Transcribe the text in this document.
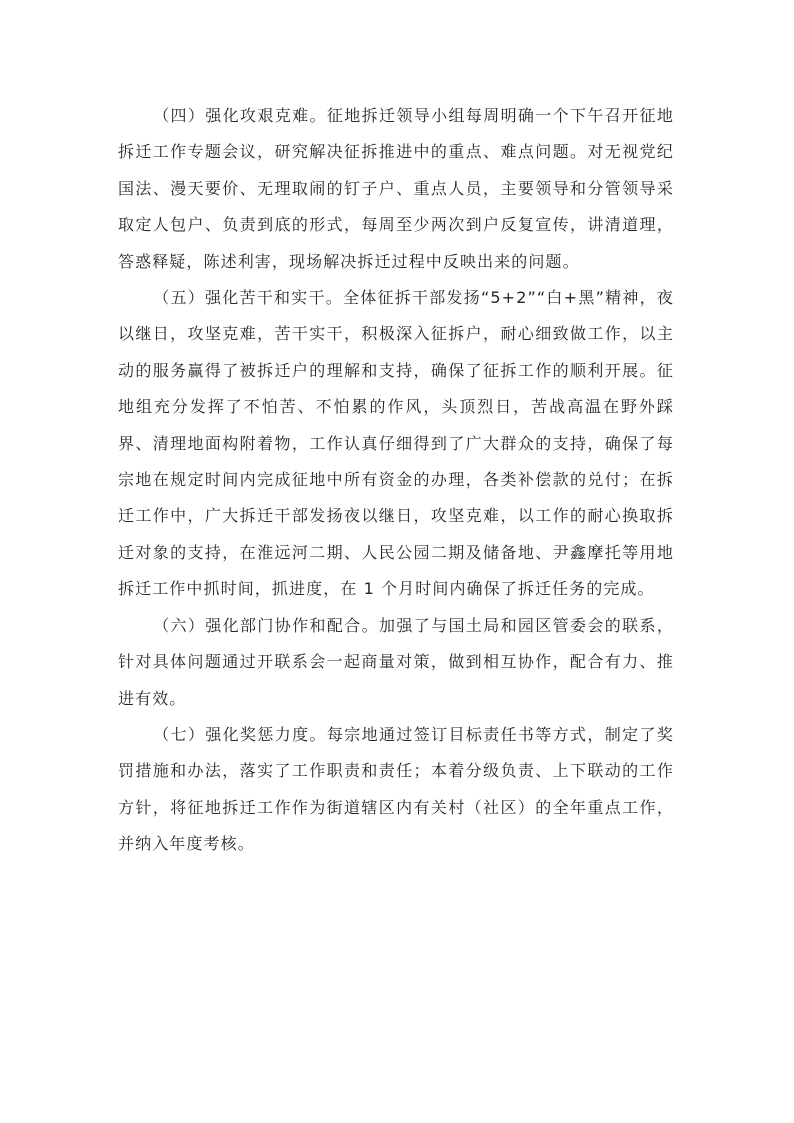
（四）强化攻艰克难。征地拆迁领导小组每周明确一个下午召开征地拆迁工作专题会议，研究解决征拆推进中的重点、难点问题。对无视党纪国法、漫天要价、无理取闹的钉子户、重点人员，主要领导和分管领导采取定人包户、负责到底的形式，每周至少两次到户反复宣传，讲清道理，答惑释疑，陈述利害，现场解决拆迁过程中反映出来的问题。

（五）强化苦干和实干。全体征拆干部发扬“5+2”“白+黑”精神，夜以继日，攻坚克难，苦干实干，积极深入征拆户，耐心细致做工作，以主动的服务赢得了被拆迁户的理解和支持，确保了征拆工作的顺利开展。征地组充分发挥了不怕苦、不怕累的作风，头顶烈日，苦战高温在野外踩界、清理地面构附着物，工作认真仔细得到了广大群众的支持，确保了每宗地在规定时间内完成征地中所有资金的办理，各类补偿款的兑付；在拆迁工作中，广大拆迁干部发扬夜以继日，攻坚克难，以工作的耐心换取拆迁对象的支持，在淮远河二期、人民公园二期及储备地、尹鑫摩托等用地拆迁工作中抓时间，抓进度，在 1 个月时间内确保了拆迁任务的完成。

（六）强化部门协作和配合。加强了与国土局和园区管委会的联系，针对具体问题通过开联系会一起商量对策，做到相互协作，配合有力、推进有效。

（七）强化奖惩力度。每宗地通过签订目标责任书等方式，制定了奖罚措施和办法，落实了工作职责和责任；本着分级负责、上下联动的工作方针，将征地拆迁工作作为街道辖区内有关村（社区）的全年重点工作，并纳入年度考核。
